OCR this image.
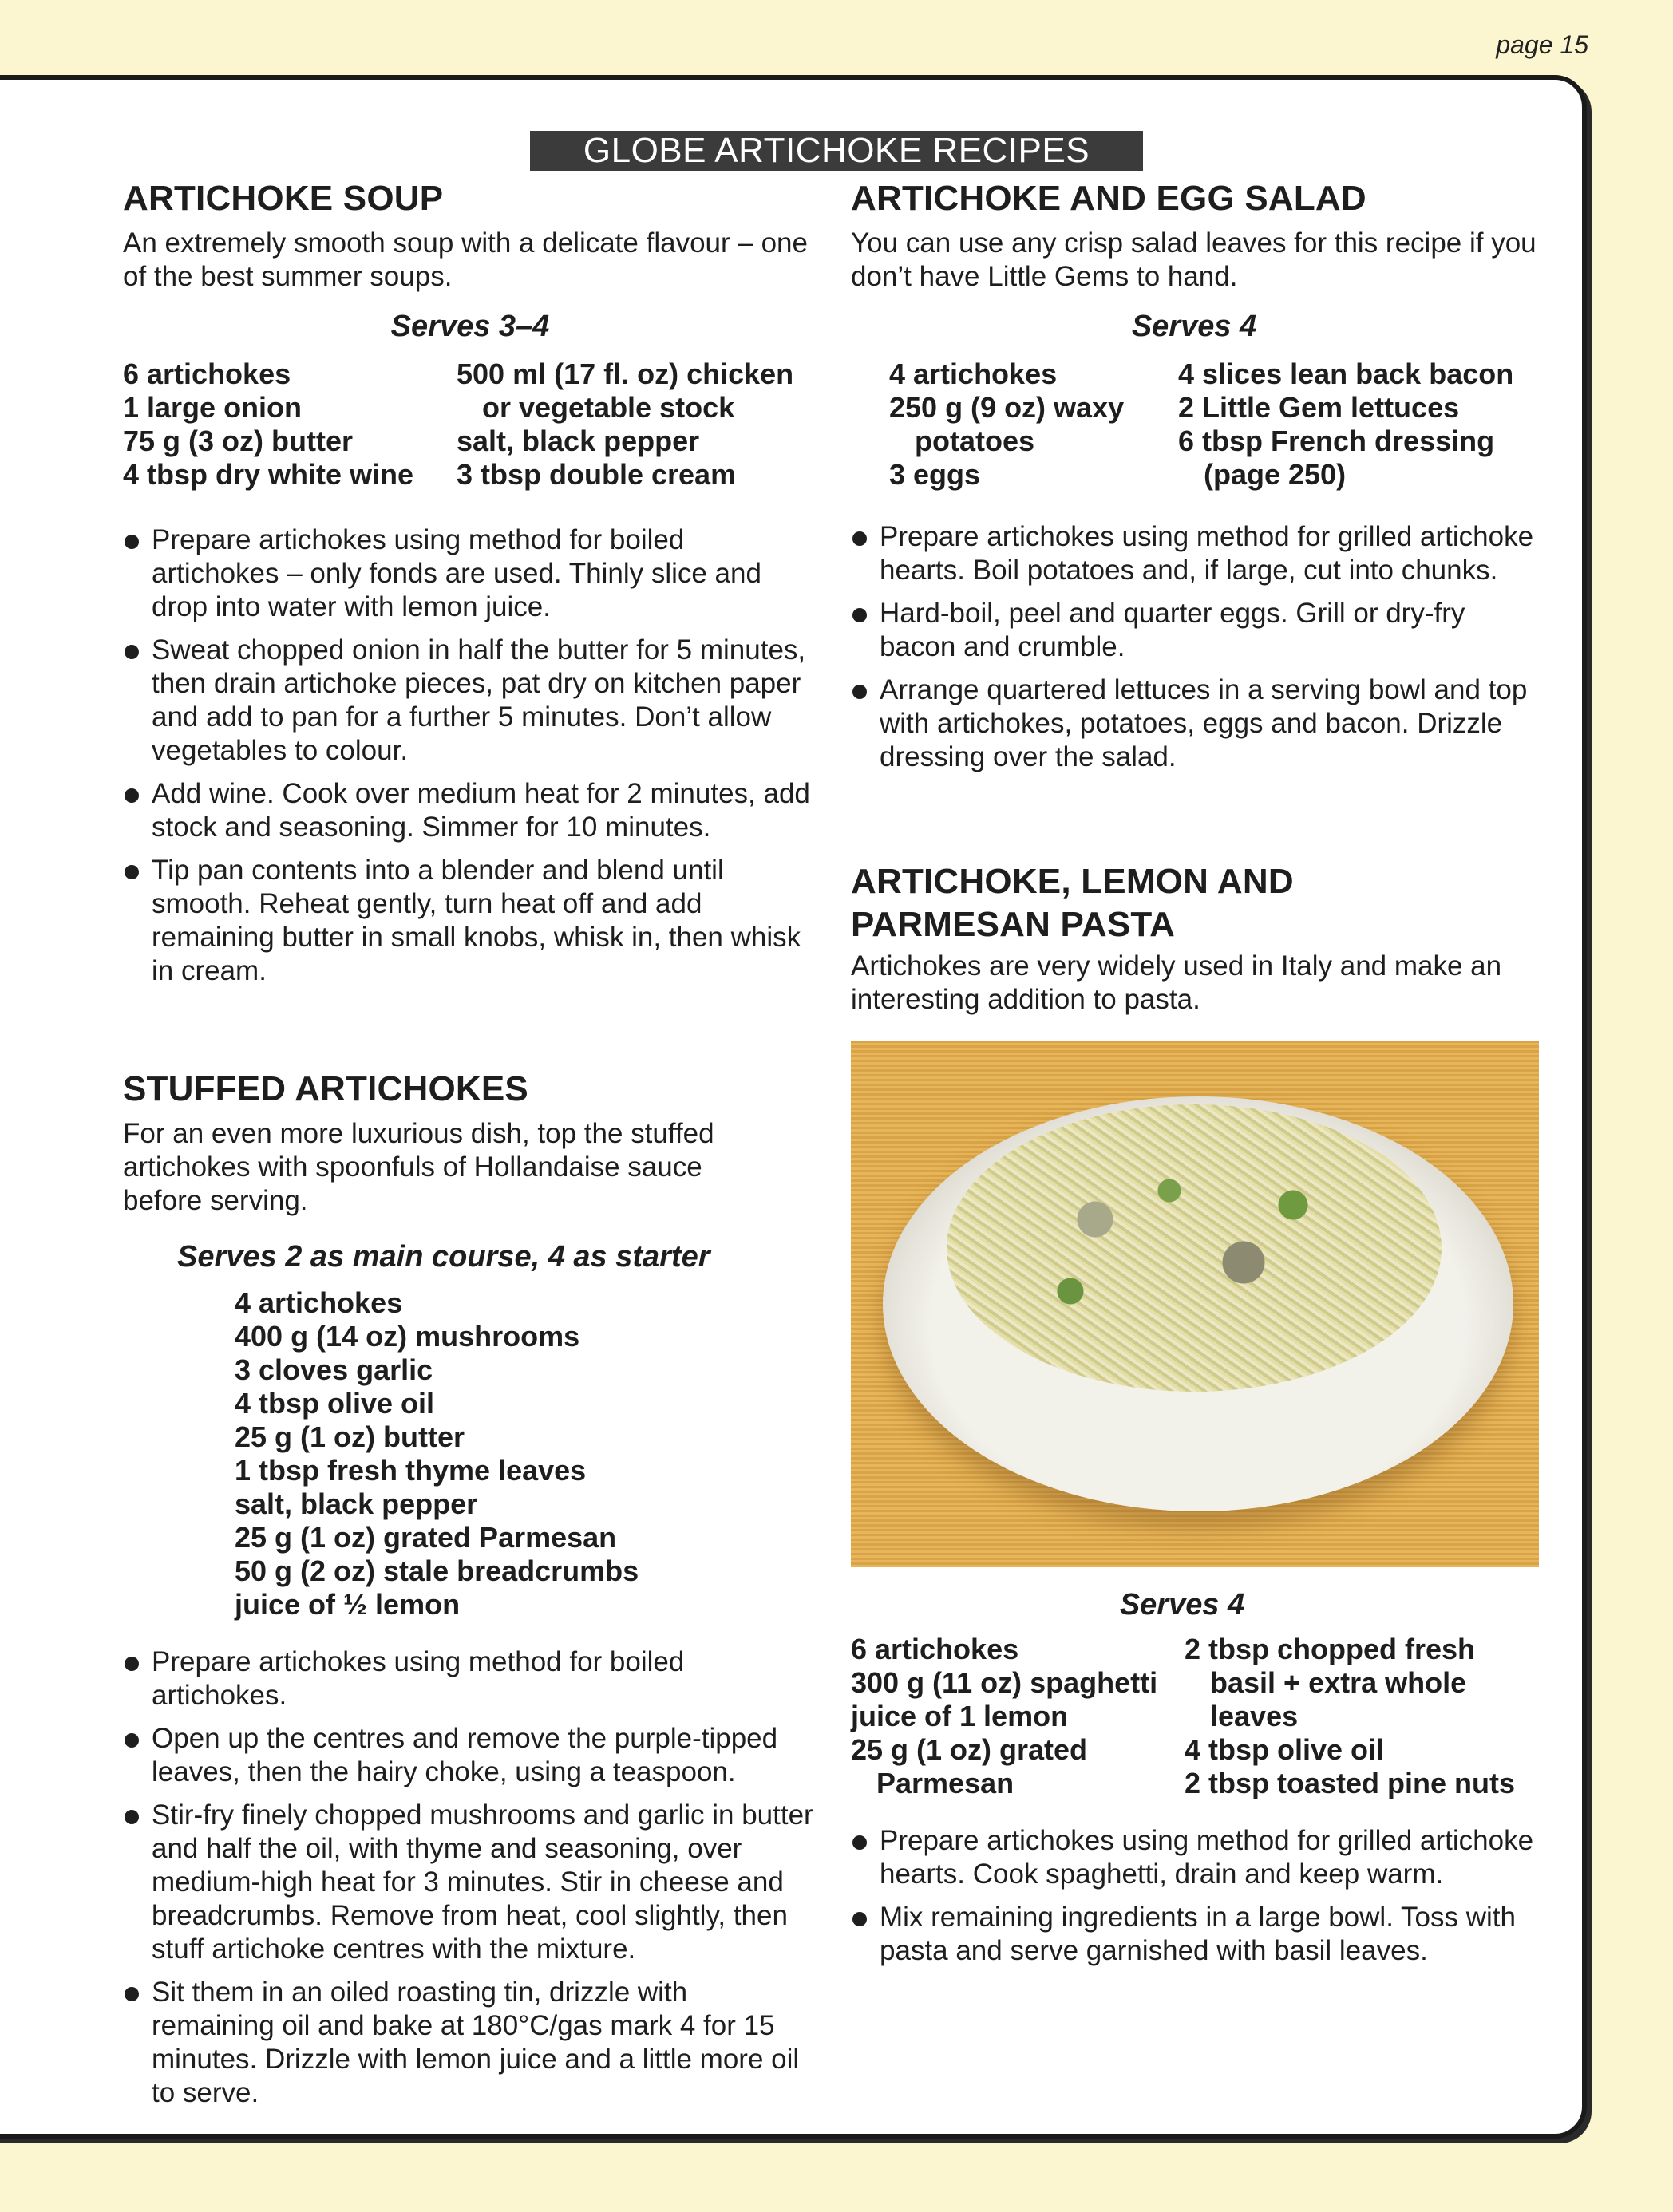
page 15
GLOBE ARTICHOKE RECIPES
ARTICHOKE SOUP

An extremely smooth soup with a delicate flavour – one of the best summer soups.

Serves 3–4
6 artichokes	500 ml (17 fl. oz) chicken
1 large onion	or vegetable stock
75 g (3 oz) butter	salt, black pepper
4 tbsp dry white wine	3 tbsp double cream
Prepare artichokes using method for boiled artichokes – only fonds are used. Thinly slice and drop into water with lemon juice.
Sweat chopped onion in half the butter for 5 minutes, then drain artichoke pieces, pat dry on kitchen paper and add to pan for a further 5 minutes. Don’t allow vegetables to colour.
Add wine. Cook over medium heat for 2 minutes, add stock and seasoning. Simmer for 10 minutes.
Tip pan contents into a blender and blend until smooth. Reheat gently, turn heat off and add remaining butter in small knobs, whisk in, then whisk in cream.
STUFFED ARTICHOKES

For an even more luxurious dish, top the stuffed artichokes with spoonfuls of Hollandaise sauce before serving.

Serves 2 as main course, 4 as starter
4 artichokes
400 g (14 oz) mushrooms
3 cloves garlic
4 tbsp olive oil
25 g (1 oz) butter
1 tbsp fresh thyme leaves
salt, black pepper
25 g (1 oz) grated Parmesan
50 g (2 oz) stale breadcrumbs
juice of ½ lemon
Prepare artichokes using method for boiled artichokes.
Open up the centres and remove the purple-tipped leaves, then the hairy choke, using a teaspoon.
Stir-fry finely chopped mushrooms and garlic in butter and half the oil, with thyme and seasoning, over medium-high heat for 3 minutes. Stir in cheese and breadcrumbs. Remove from heat, cool slightly, then stuff artichoke centres with the mixture.
Sit them in an oiled roasting tin, drizzle with remaining oil and bake at 180°C/gas mark 4 for 15 minutes. Drizzle with lemon juice and a little more oil to serve.
ARTICHOKE AND EGG SALAD

You can use any crisp salad leaves for this recipe if you don’t have Little Gems to hand.

Serves 4
4 artichokes	4 slices lean back bacon
250 g (9 oz) waxy	2 Little Gem lettuces
potatoes	6 tbsp French dressing
3 eggs	(page 250)
Prepare artichokes using method for grilled artichoke hearts. Boil potatoes and, if large, cut into chunks.
Hard-boil, peel and quarter eggs. Grill or dry-fry bacon and crumble.
Arrange quartered lettuces in a serving bowl and top with artichokes, potatoes, eggs and bacon. Drizzle dressing over the salad.
ARTICHOKE, LEMON AND
PARMESAN PASTA

Artichokes are very widely used in Italy and make an interesting addition to pasta.

Serves 4
6 artichokes	2 tbsp chopped fresh
300 g (11 oz) spaghetti	basil + extra whole
juice of 1 lemon	leaves
25 g (1 oz) grated	4 tbsp olive oil
Parmesan	2 tbsp toasted pine nuts
Prepare artichokes using method for grilled artichoke hearts. Cook spaghetti, drain and keep warm.
Mix remaining ingredients in a large bowl. Toss with pasta and serve garnished with basil leaves.
